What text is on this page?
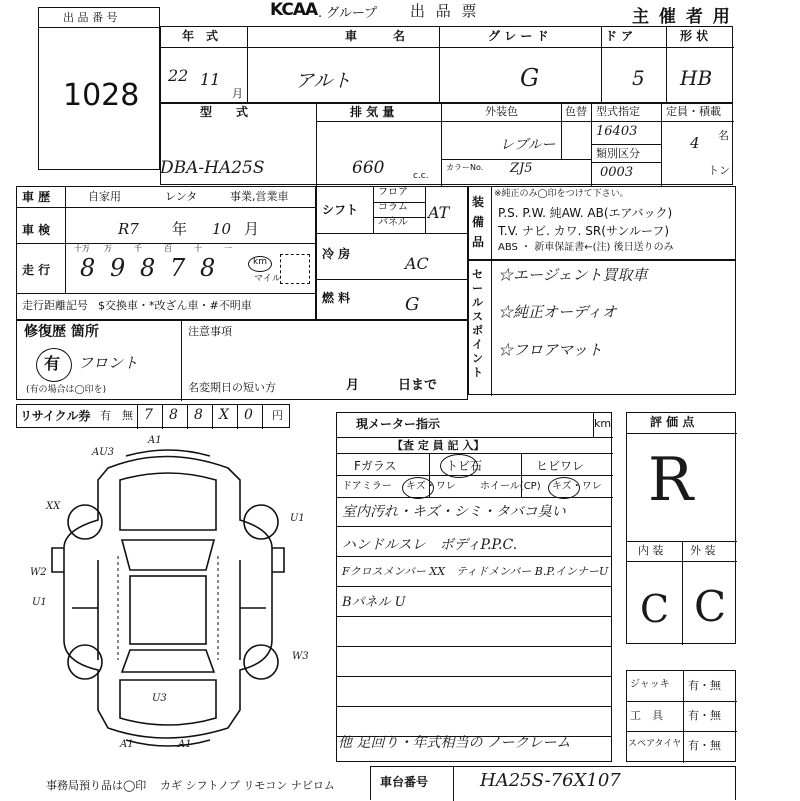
KCAA . グループ 出 品 票	主 催 者 用
出 品 番 号
1028
年　式
22 11
月
車　　　名
アルト
グ レ ー ド
G
ド ア
5
形 状
HB
型　　式
DBA-HA25S
排 気 量
660	c.c.
外装色	色替
レブルー
カラーNo. ZJ5
型式指定
16403
類別区分
0003
定員・積載
4 名
トン
車 歴	自家用	レンタ	事業,営業車
車 検	R7 年 10 月
走 行
十万 万	千	百	十	一
8 9 8 7 8	km
マイル
走行距離記号 $交換車・*改ざん車・#不明車
シフト
フロア
コラム
パネル
AT
冷 房	AC
燃 料	G
装備品
※純正のみ◯印をつけて下さい。
P.S. P.W. 純AW. AB(エアバック)
T.V. ナビ. カワ. SR(サンルーフ)
ABS ・ 新車保証書←(注) 後日送りのみ
セールスポイント
☆エージェント買取車
☆純正オーディオ
☆フロアマット
修復歴 箇所
有 フロント
(有の場合は◯印を)
注意事項
名変期日の短い方	月	日まで
リサイクル券 有 無 7 8 8 X 0 円
AU3
A1
XX
W2
U1
U1
W3
U3
A1	A1
現メーター指示	km
【査 定 員 記 入】
Fガラス	トビ石	ヒビワレ
ドアミラー キズ・ワレ ホイール(CP) キズ・ワレ
室内汚れ・キズ・シミ・タバコ臭い
ハンドルスレ　ボディP.P.C.
Fクロスメンバー XX　ティドメンバー B.P.インナーU
Bパネル U
他 足回り・年式相当の ノークレーム
評 価 点
R
内 装 外 装
C C
ジャッキ 有・無
工　具 有・無
スペアタイヤ 有・無
事務局預り品は◯印 カギ シフトノブ リモコン ナビロム	車台番号	HA25S-76X107
